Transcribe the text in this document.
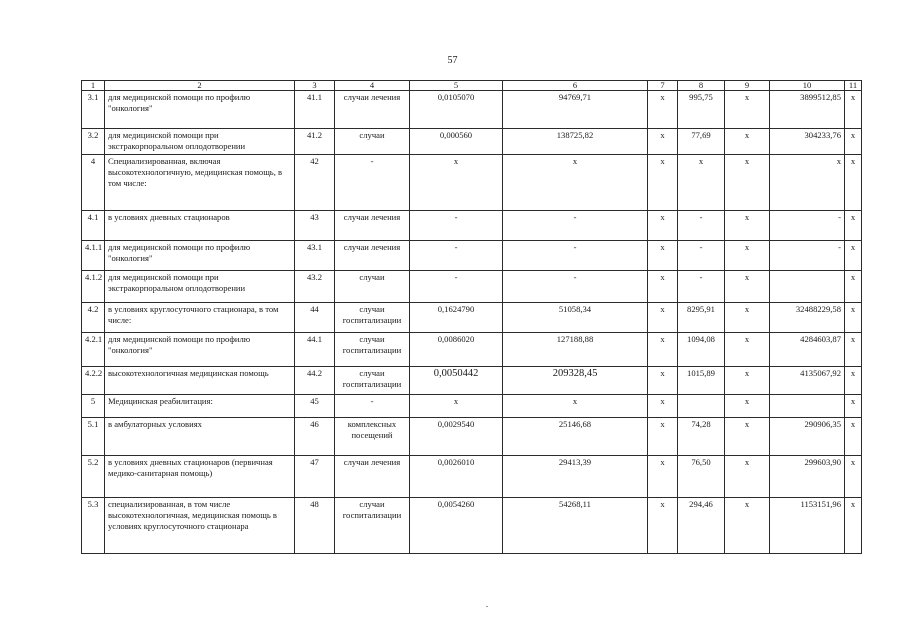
57
1	2	3	4	5	6	7	8	9	10	11
3.1	для медицинской помощи по профилю "онкология"	41.1	случаи лечения	0,0105070	94769,71	х	995,75	х	3899512,85	х
3.2	для медицинской помощи при экстракорпоральном оплодотворении	41.2	случаи	0,000560	138725,82	х	77,69	х	304233,76	х
4	Специализированная, включая высокотехнологичную, медицинская помощь, в том числе:	42	-	х	х	х	х	х	х	х
4.1	в условиях дневных стационаров	43	случаи лечения	-	-	х	-	х	-	х
4.1.1	для медицинской помощи по профилю "онкология"	43.1	случаи лечения	-	-	х	-	х	-	х
4.1.2	для медицинской помощи при экстракорпоральном оплодотворении	43.2	случаи	-	-	х	-	х		х
4.2	в условиях круглосуточного стационара, в том числе:	44	случаи госпитализации	0,1624790	51058,34	х	8295,91	х	32488229,58	х
4.2.1	для медицинской помощи по профилю "онкология"	44.1	случаи госпитализации	0,0086020	127188,88	х	1094,08	х	4284603,87	х
4.2.2	высокотехнологичная медицинская помощь	44.2	случаи госпитализации	0,0050442	209328,45	х	1015,89	х	4135067,92	х
5	Медицинская реабилитация:	45	-	х	х	х		х		х
5.1	в амбулаторных условиях	46	комплексных посещений	0,0029540	25146,68	х	74,28	х	290906,35	х
5.2	в условиях дневных стационаров (первичная медико-санитарная помощь)	47	случаи лечения	0,0026010	29413,39	х	76,50	х	299603,90	х
5.3	специализированная, в том числе высокотехнологичная, медицинская помощь в условиях круглосуточного стационара	48	случаи госпитализации	0,0054260	54268,11	х	294,46	х	1153151,96	х
